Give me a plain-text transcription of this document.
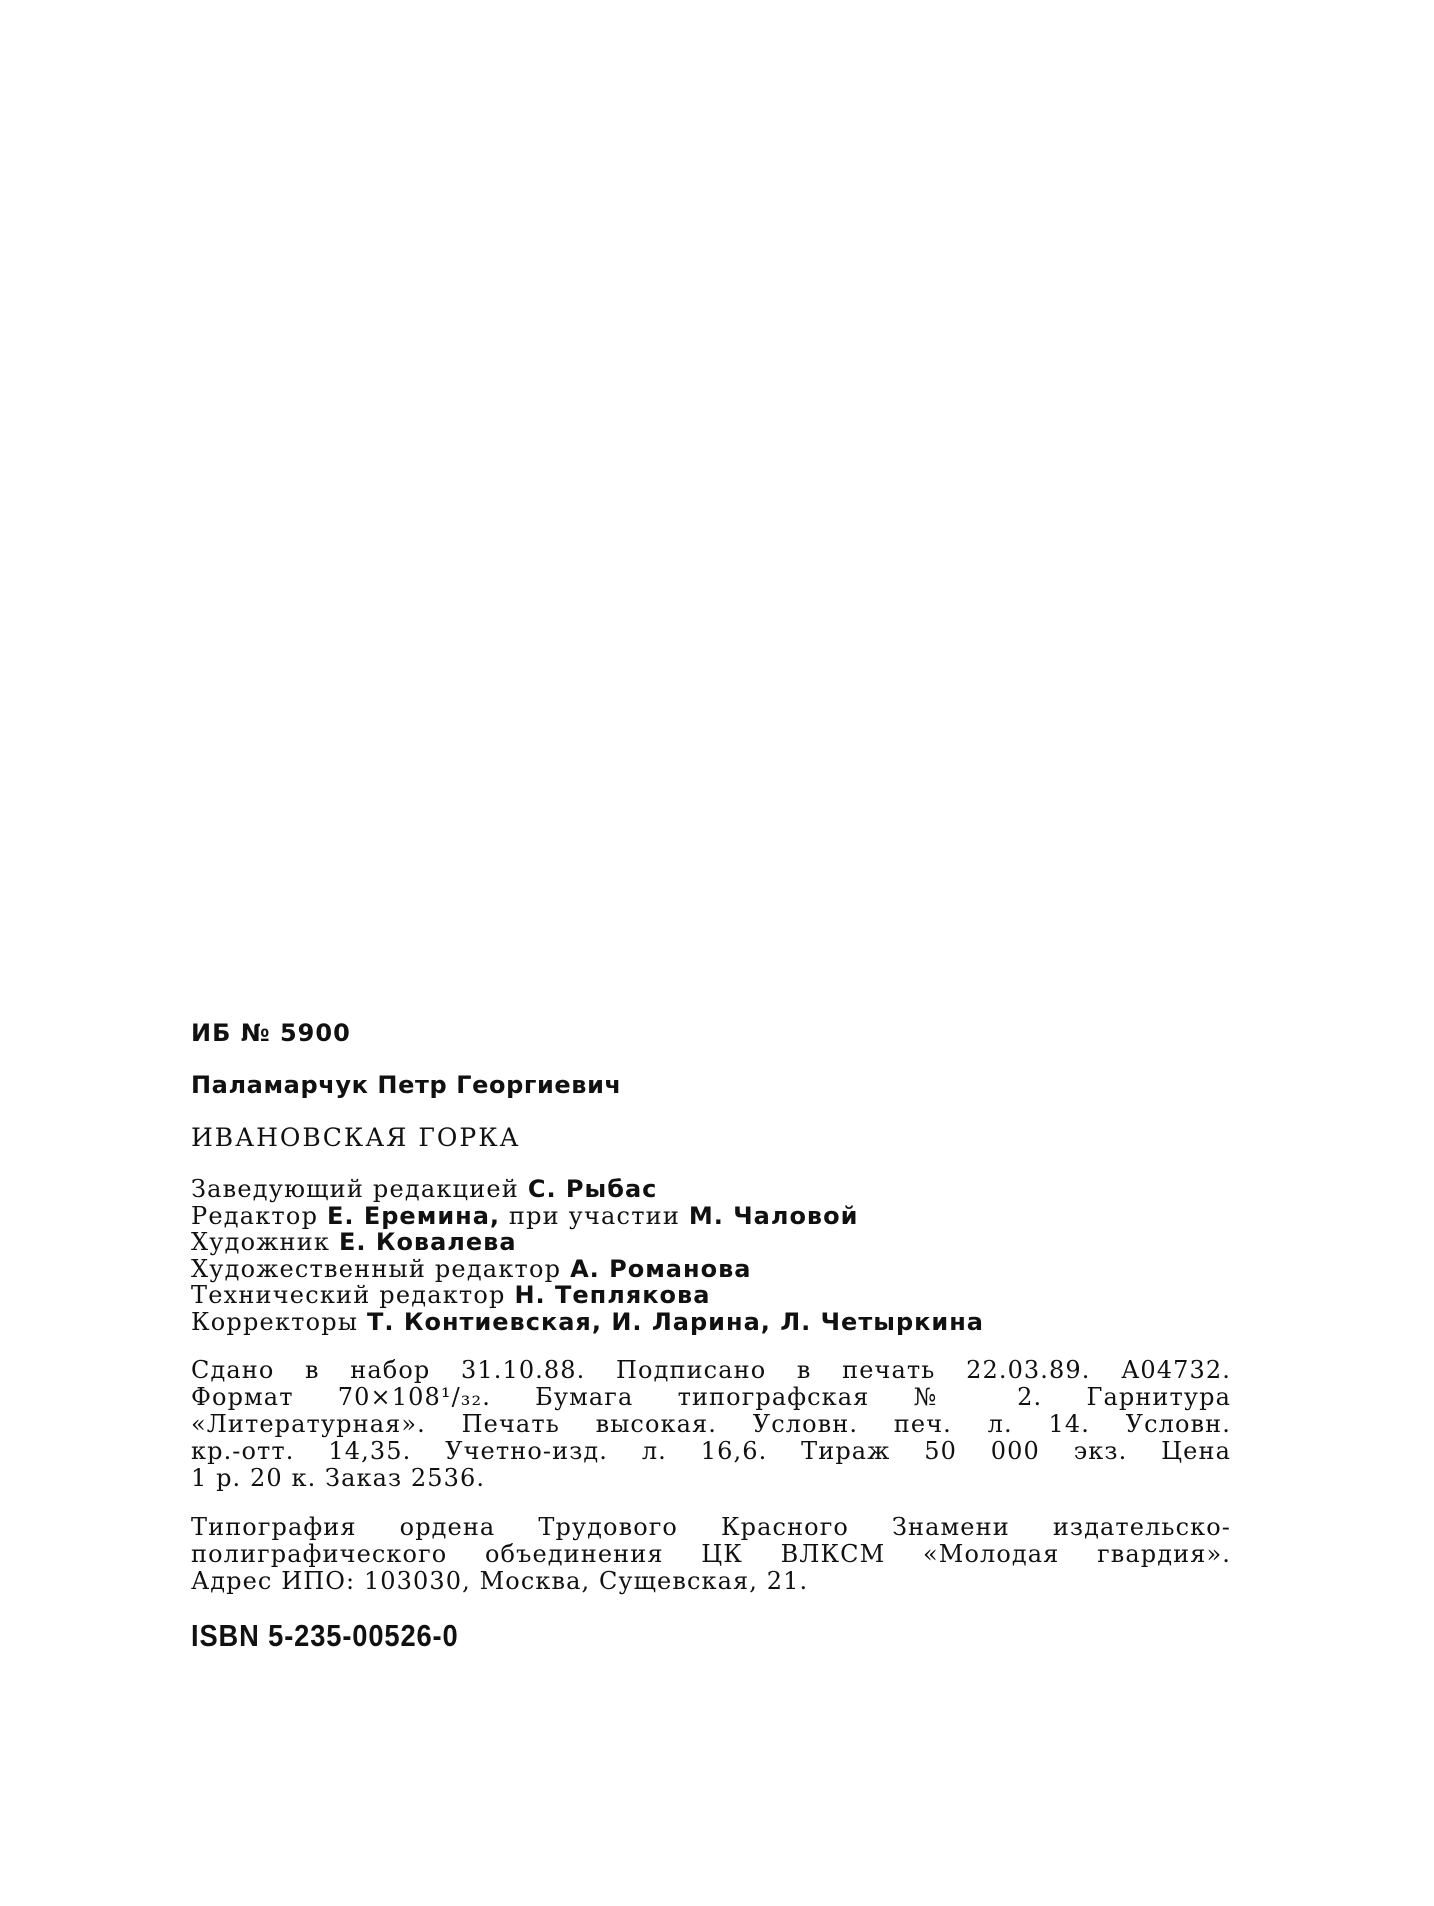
ИБ № 5900
Паламарчук Петр Георгиевич
ИВАНОВСКАЯ ГОРКА
Заведующий редакцией С. Рыбас
Редактор Е. Еремина, при участии М. Чаловой
Художник Е. Ковалева
Художественный редактор А. Романова
Технический редактор Н. Теплякова
Корректоры Т. Контиевская, И. Ларина, Л. Четыркина
Сдано в набор 31.10.88. Подписано в печать 22.03.89. А04732.
Формат 70×108¹/₃₂. Бумага типографская № 2. Гарнитура
«Литературная». Печать высокая. Условн. печ. л. 14. Условн.
кр.-отт. 14,35. Учетно-изд. л. 16,6. Тираж 50 000 экз. Цена
1 р. 20 к. Заказ 2536.
Типография ордена Трудового Красного Знамени издательско-
полиграфического объединения ЦК ВЛКСМ «Молодая гвардия».
Адрес ИПО: 103030, Москва, Сущевская, 21.
ISBN 5-235-00526-0
